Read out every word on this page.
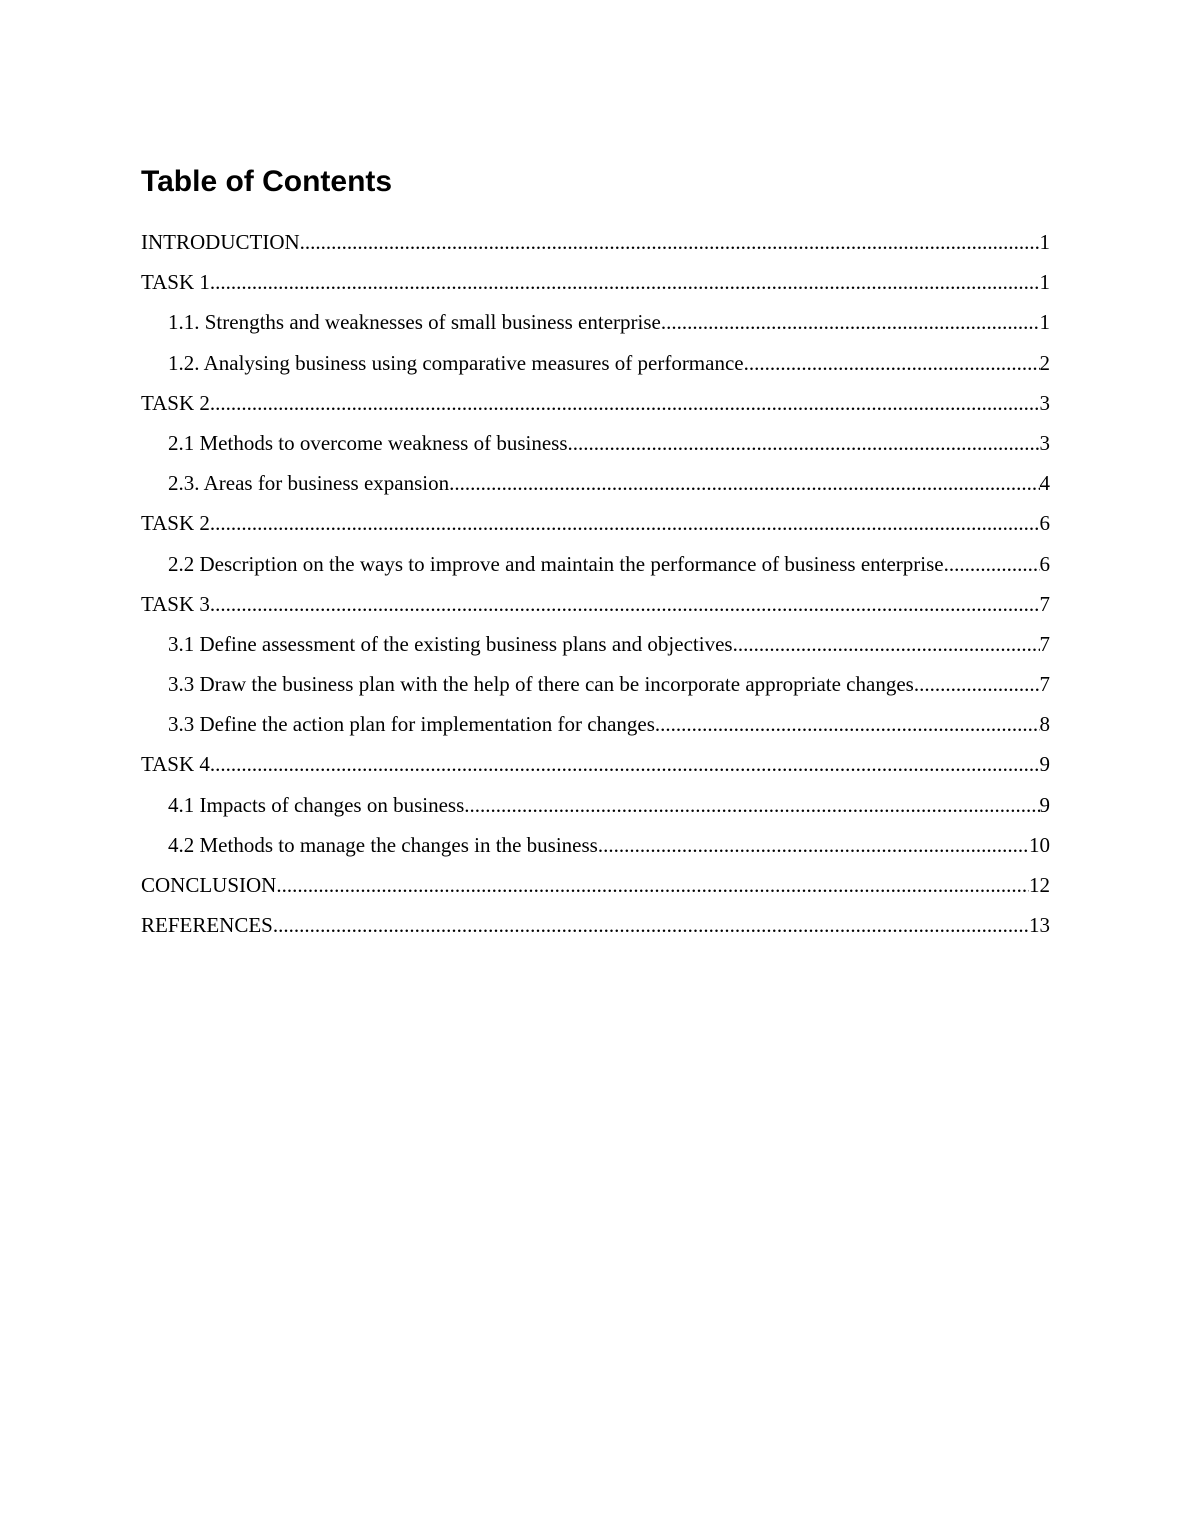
Table of Contents
INTRODUCTION .....	1
TASK 1 .....	1
1.1. Strengths and weaknesses of small business enterprise .....	1
1.2. Analysing business using comparative measures of performance .....	2
TASK 2 .....	3
2.1 Methods to overcome weakness of business .....	3
2.3. Areas for business expansion .....	4
TASK 2 .....	6
2.2 Description on the ways to improve and maintain the performance of business enterprise. .....	6
TASK 3 .....	7
3.1 Define assessment of the existing business plans and objectives .....	7
3.3 Draw the business plan with the help of there can be incorporate appropriate changes. .....	7
3.3 Define the action plan for implementation for changes. .....	8
TASK 4 .....	9
4.1 Impacts of changes on business .....	9
4.2 Methods to manage the changes in the business .....	10
CONCLUSION .....	12
REFERENCES .....	13
